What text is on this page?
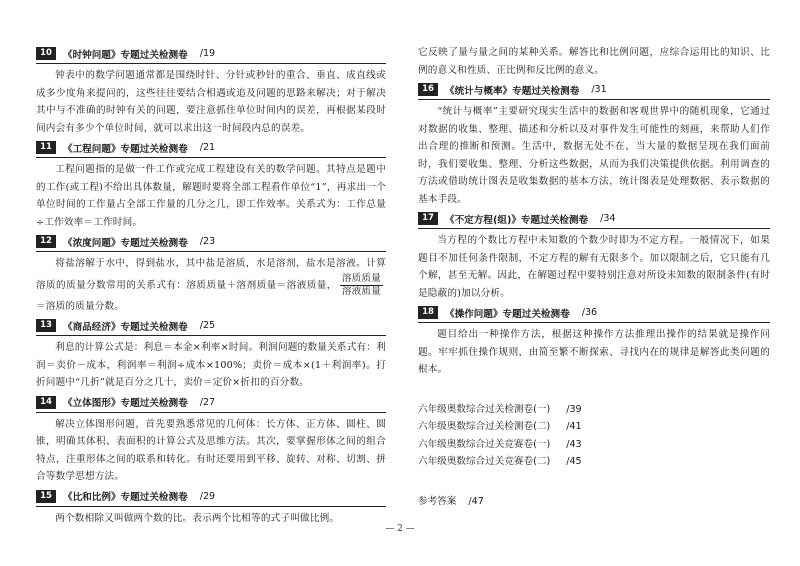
10	《时钟问题》专题过关检测卷 /19

钟表中的数学问题通常都是围绕时针、分针或秒针的重合、垂直、成直线或成多少度角来提问的，这些往往要结合相遇或追及问题的思路来解决；对于解决其中与不准确的时钟有关的问题，要注意抓住单位时间内的误差，再根据某段时间内会有多少个单位时间，就可以求出这一时间段内总的误差。

11	《工程问题》专题过关检测卷 /21

工程问题指的是做一件工作或完成工程建设有关的数学问题。其特点是题中的工作(或工程)不给出具体数量，解题时要将全部工程看作单位“1”，再求出一个单位时间的工作量占全部工作量的几分之几，即工作效率。关系式为：工作总量÷工作效率＝工作时间。

12	《浓度问题》专题过关检测卷 /23

将盐溶解于水中，得到盐水，其中盐是溶质，水是溶剂，盐水是溶液。计算溶质的质量分数常用的关系式有：溶质质量＋溶剂质量＝溶液质量， $\frac{\text{溶质质量}}{\text{溶液质量}}$
＝溶质的质量分数。

13	《商品经济》专题过关检测卷 /25

利息的计算公式是：利息＝本金×利率×时间。利润问题的数量关系式有：利润＝卖价－成本，利润率＝利润÷成本×100%；卖价＝成本×(1＋利润率)。打折问题中“几折”就是百分之几十，卖价＝定价×折扣的百分数。

14	《立体图形》专题过关检测卷 /27

解决立体图形问题，首先要熟悉常见的几何体：长方体、正方体、圆柱、圆锥，明确其体积、表面积的计算公式及思维方法。其次，要掌握形体之间的组合特点，注重形体之间的联系和转化。有时还要用到平移、旋转、对称、切割、拼合等数学思想方法。

15	《比和比例》专题过关检测卷 /29

两个数相除又叫做两个数的比。表示两个比相等的式子叫做比例。

它反映了量与量之间的某种关系。解答比和比例问题，应综合运用比的知识、比例的意义和性质、正比例和反比例的意义。

16	《统计与概率》专题过关检测卷 /31

“统计与概率”主要研究现实生活中的数据和客观世界中的随机现象，它通过对数据的收集、整理、描述和分析以及对事件发生可能性的刻画，来帮助人们作出合理的推断和预测。生活中，数据无处不在，当大量的数据呈现在我们面前时，我们要收集、整理、分析这些数据，从而为我们决策提供依据。利用调查的方法或借助统计图表是收集数据的基本方法，统计图表是处理数据、表示数据的基本手段。

17	《不定方程(组)》专题过关检测卷 /34

当方程的个数比方程中未知数的个数少时即为不定方程。一般情况下，如果题目不加任何条件限制，不定方程的解有无限多个。加以限制之后，它只能有几个解，甚至无解。因此，在解题过程中要特别注意对所设未知数的限制条件(有时是隐蔽的)加以分析。

18	《操作问题》专题过关检测卷 /36

题目给出一种操作方法，根据这种操作方法推理出操作的结果就是操作问题。牢牢抓住操作规则，由简至繁不断探索、寻找内在的规律是解答此类问题的根本。

六年级奥数综合过关检测卷(一) /39
六年级奥数综合过关检测卷(二) /41
六年级奥数综合过关竞赛卷(一) /43
六年级奥数综合过关竞赛卷(二) /45
参考答案 /47
— 2 —
